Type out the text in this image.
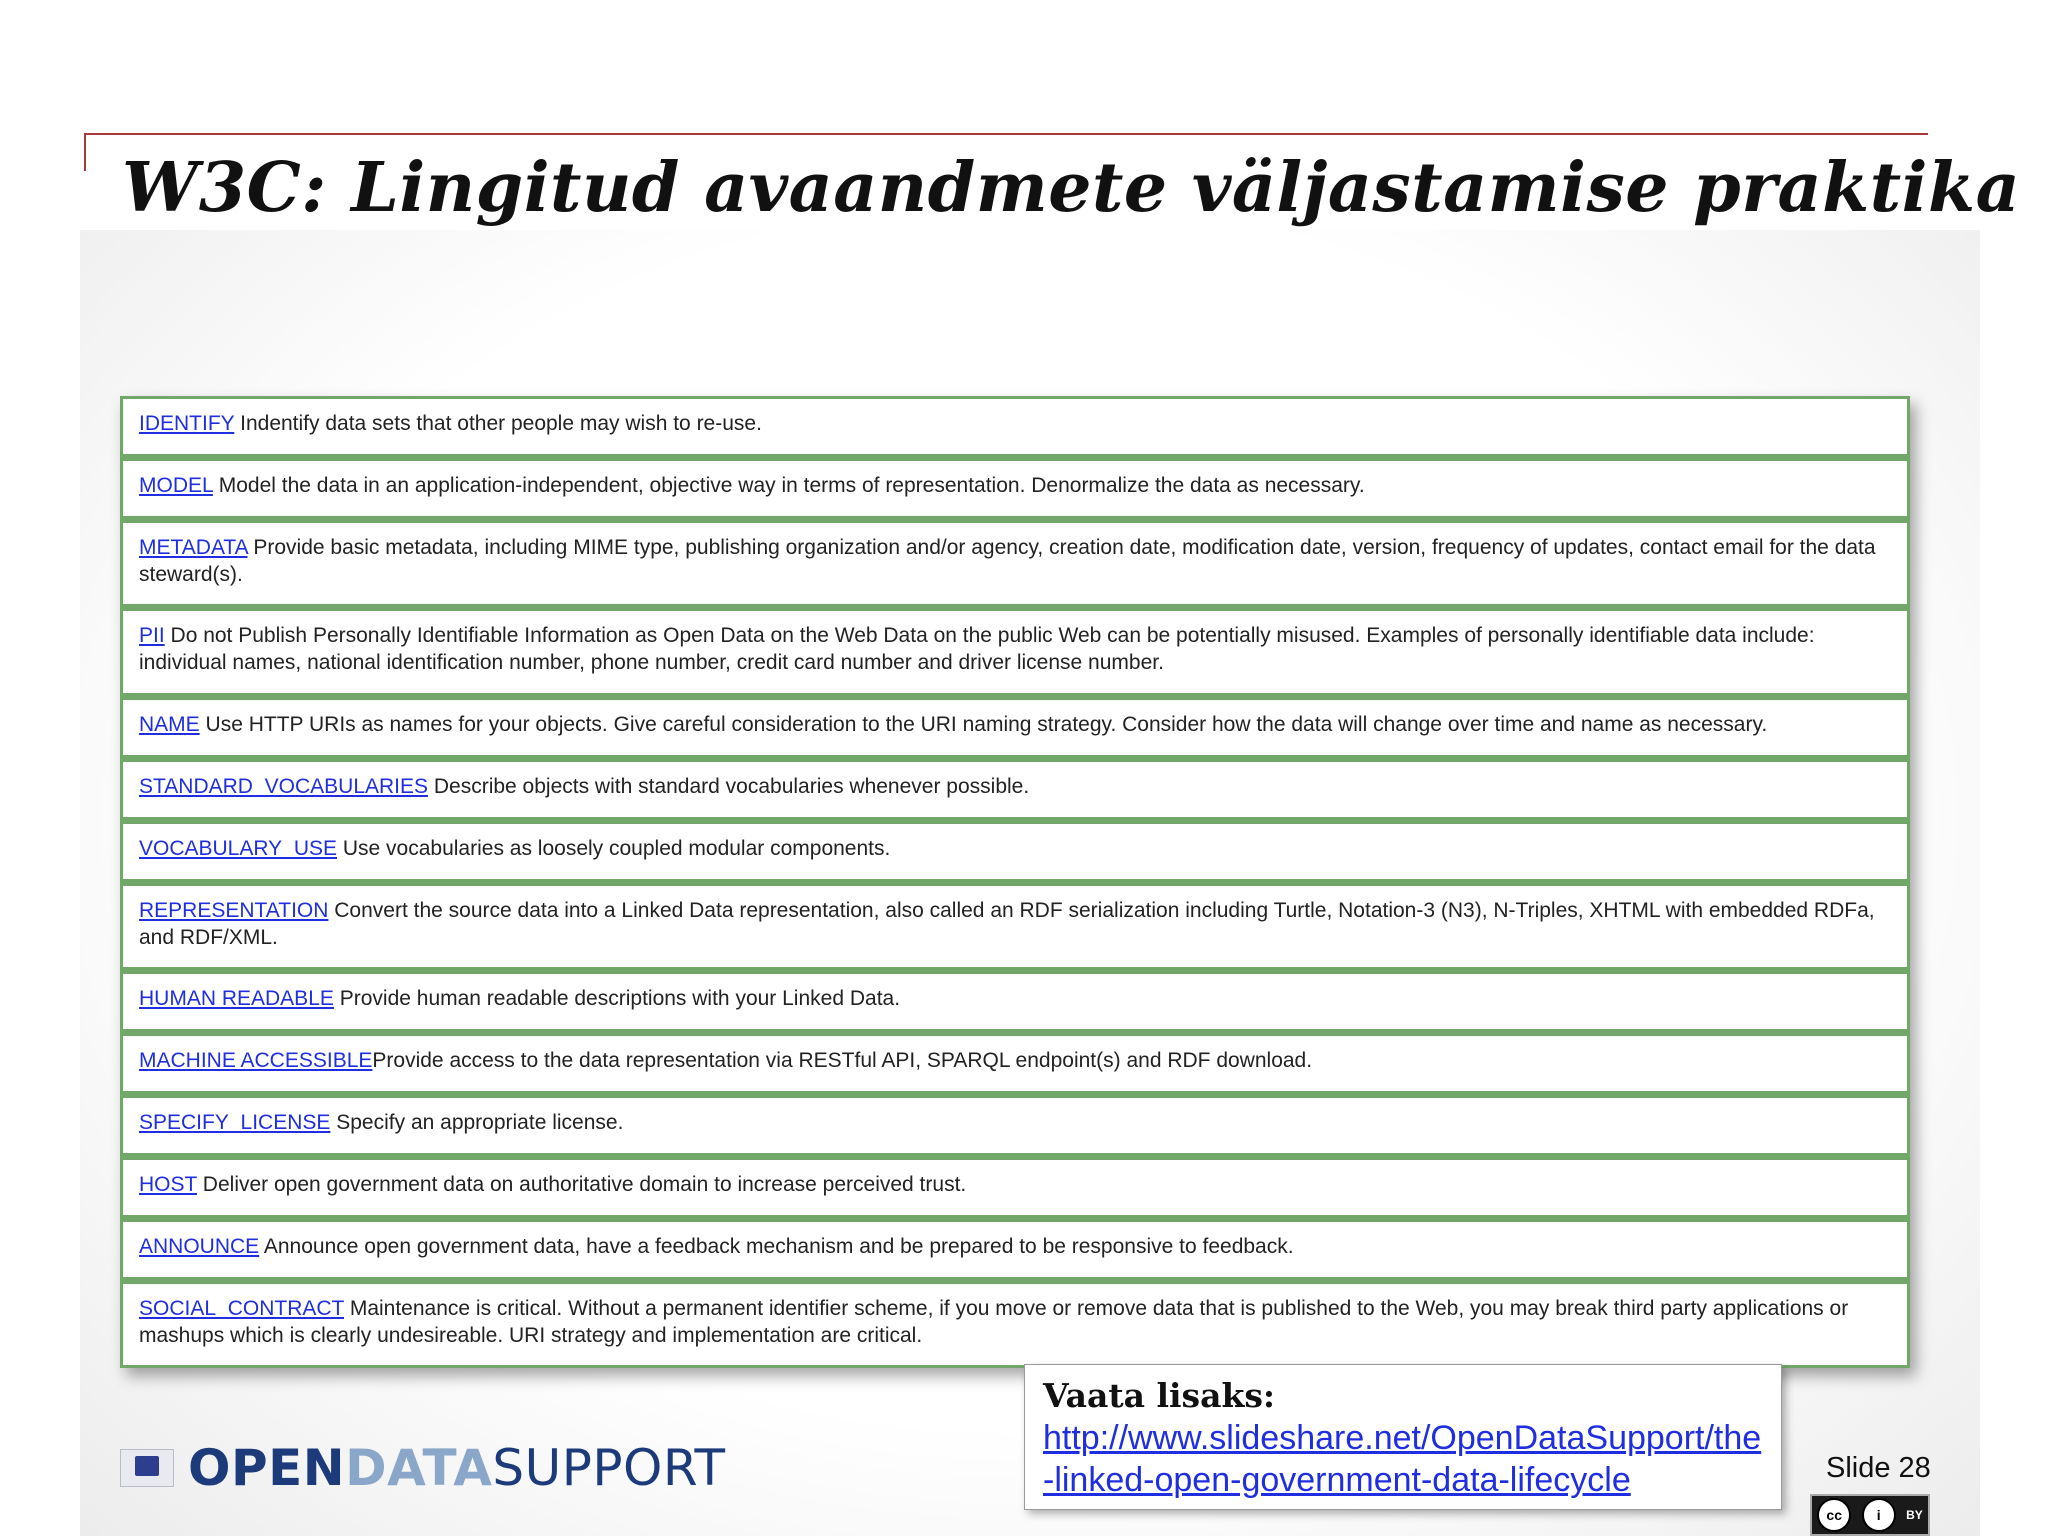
W3C: Lingitud avaandmete väljastamise praktika
IDENTIFY Indentify data sets that other people may wish to re-use.
MODEL Model the data in an application-independent, objective way in terms of representation. Denormalize the data as necessary.
METADATA Provide basic metadata, including MIME type, publishing organization and/or agency, creation date, modification date, version, frequency of updates, contact email for the data steward(s).
PII Do not Publish Personally Identifiable Information as Open Data on the Web Data on the public Web can be potentially misused. Examples of personally identifiable data include: individual names, national identification number, phone number, credit card number and driver license number.
NAME Use HTTP URIs as names for your objects. Give careful consideration to the URI naming strategy. Consider how the data will change over time and name as necessary.
STANDARD_VOCABULARIES Describe objects with standard vocabularies whenever possible.
VOCABULARY_USE Use vocabularies as loosely coupled modular components.
REPRESENTATION Convert the source data into a Linked Data representation, also called an RDF serialization including Turtle, Notation-3 (N3), N-Triples, XHTML with embedded RDFa, and RDF/XML.
HUMAN READABLE Provide human readable descriptions with your Linked Data.
MACHINE ACCESSIBLEProvide access to the data representation via RESTful API, SPARQL endpoint(s) and RDF download.
SPECIFY_LICENSE Specify an appropriate license.
HOST Deliver open government data on authoritative domain to increase perceived trust.
ANNOUNCE Announce open government data, have a feedback mechanism and be prepared to be responsive to feedback.
SOCIAL_CONTRACT Maintenance is critical. Without a permanent identifier scheme, if you move or remove data that is published to the Web, you may break third party applications or mashups which is clearly undesireable. URI strategy and implementation are critical.
Vaata lisaks:
http://www.slideshare.net/OpenDataSupport/the-linked-open-government-data-lifecycle
OPEN DATA SUPPORT	Slide 28
cc	i	BY
